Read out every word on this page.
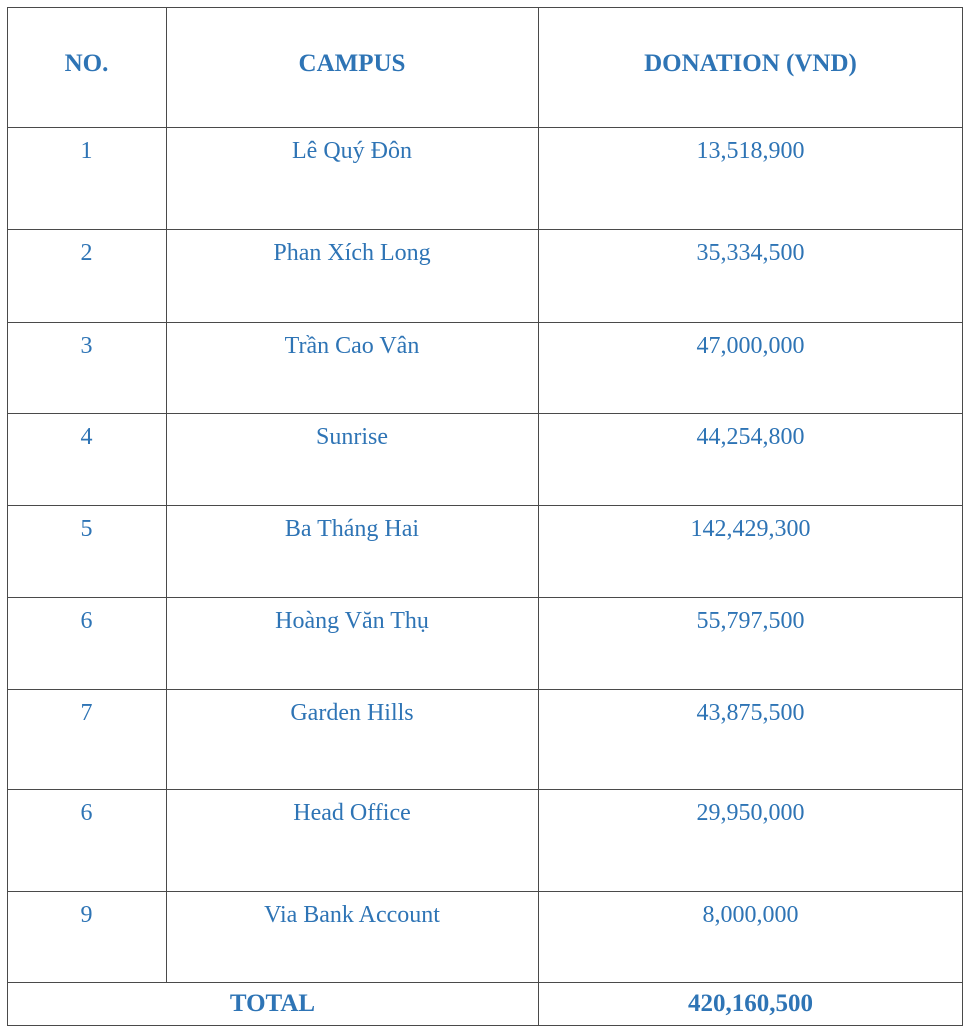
NO.	CAMPUS	DONATION (VND)
1	Lê Quý Đôn	13,518,900
2	Phan Xích Long	35,334,500
3	Trần Cao Vân	47,000,000
4	Sunrise	44,254,800
5	Ba Tháng Hai	142,429,300
6	Hoàng Văn Thụ	55,797,500
7	Garden Hills	43,875,500
6	Head Office	29,950,000
9	Via Bank Account	8,000,000
TOTAL	420,160,500
